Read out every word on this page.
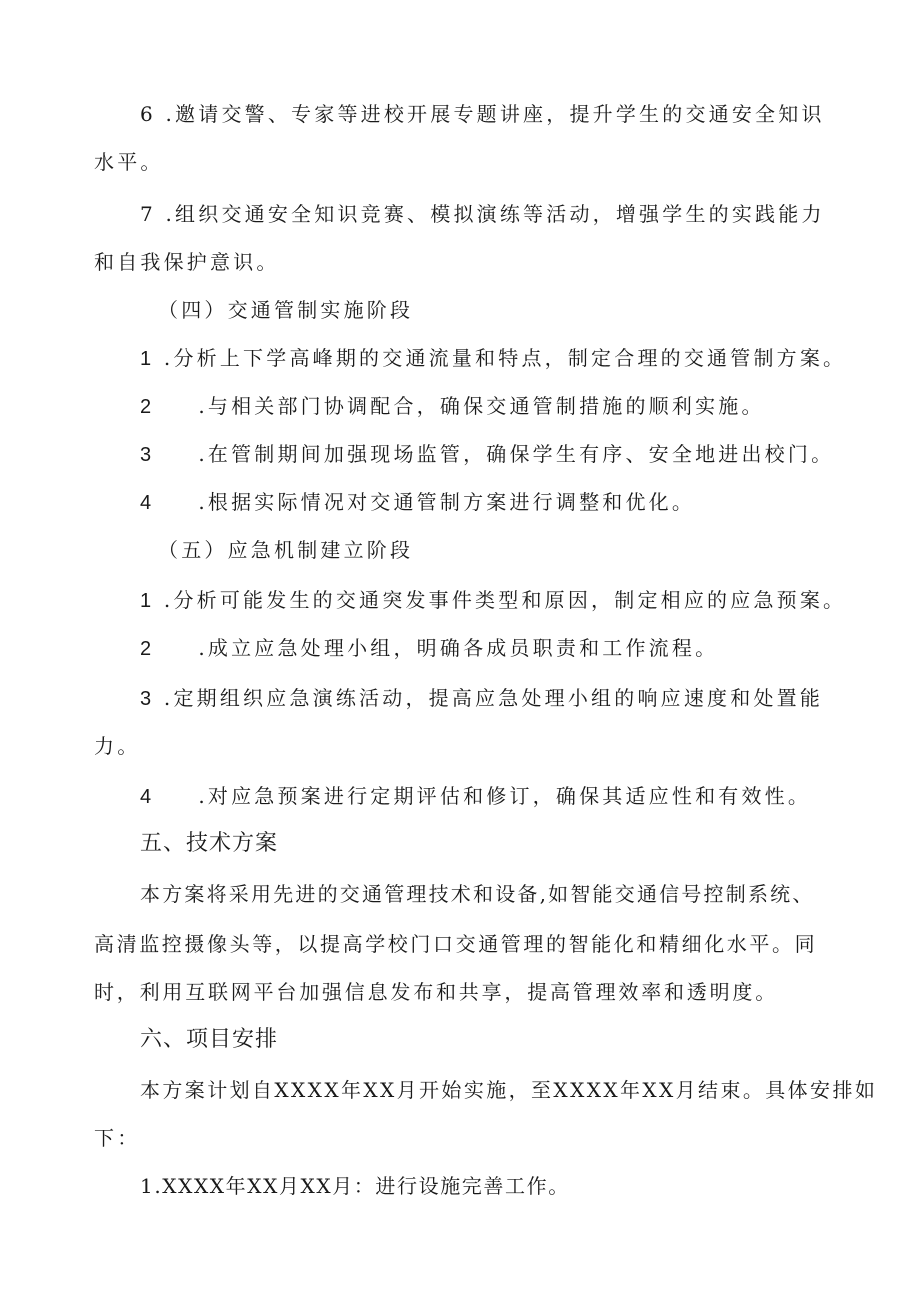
6 .邀请交警、专家等进校开展专题讲座，提升学生的交通安全知识
水平。
7 .组织交通安全知识竞赛、模拟演练等活动，增强学生的实践能力
和自我保护意识。
（四）交通管制实施阶段
1 .分析上下学高峰期的交通流量和特点，制定合理的交通管制方案。
2 .与相关部门协调配合，确保交通管制措施的顺利实施。
3 .在管制期间加强现场监管，确保学生有序、安全地进出校门。
4 .根据实际情况对交通管制方案进行调整和优化。
（五）应急机制建立阶段
1 .分析可能发生的交通突发事件类型和原因，制定相应的应急预案。
2 .成立应急处理小组，明确各成员职责和工作流程。
3 .定期组织应急演练活动，提高应急处理小组的响应速度和处置能
力。
4 .对应急预案进行定期评估和修订，确保其适应性和有效性。
五、技术方案
本方案将采用先进的交通管理技术和设备,如智能交通信号控制系统、
高清监控摄像头等，以提高学校门口交通管理的智能化和精细化水平。同
时，利用互联网平台加强信息发布和共享，提高管理效率和透明度。
六、项目安排
本方案计划自XXXX年XX月开始实施，至XXXX年XX月结束。具体安排如
下：
1.XXXX年XX月XX月：进行设施完善工作。
